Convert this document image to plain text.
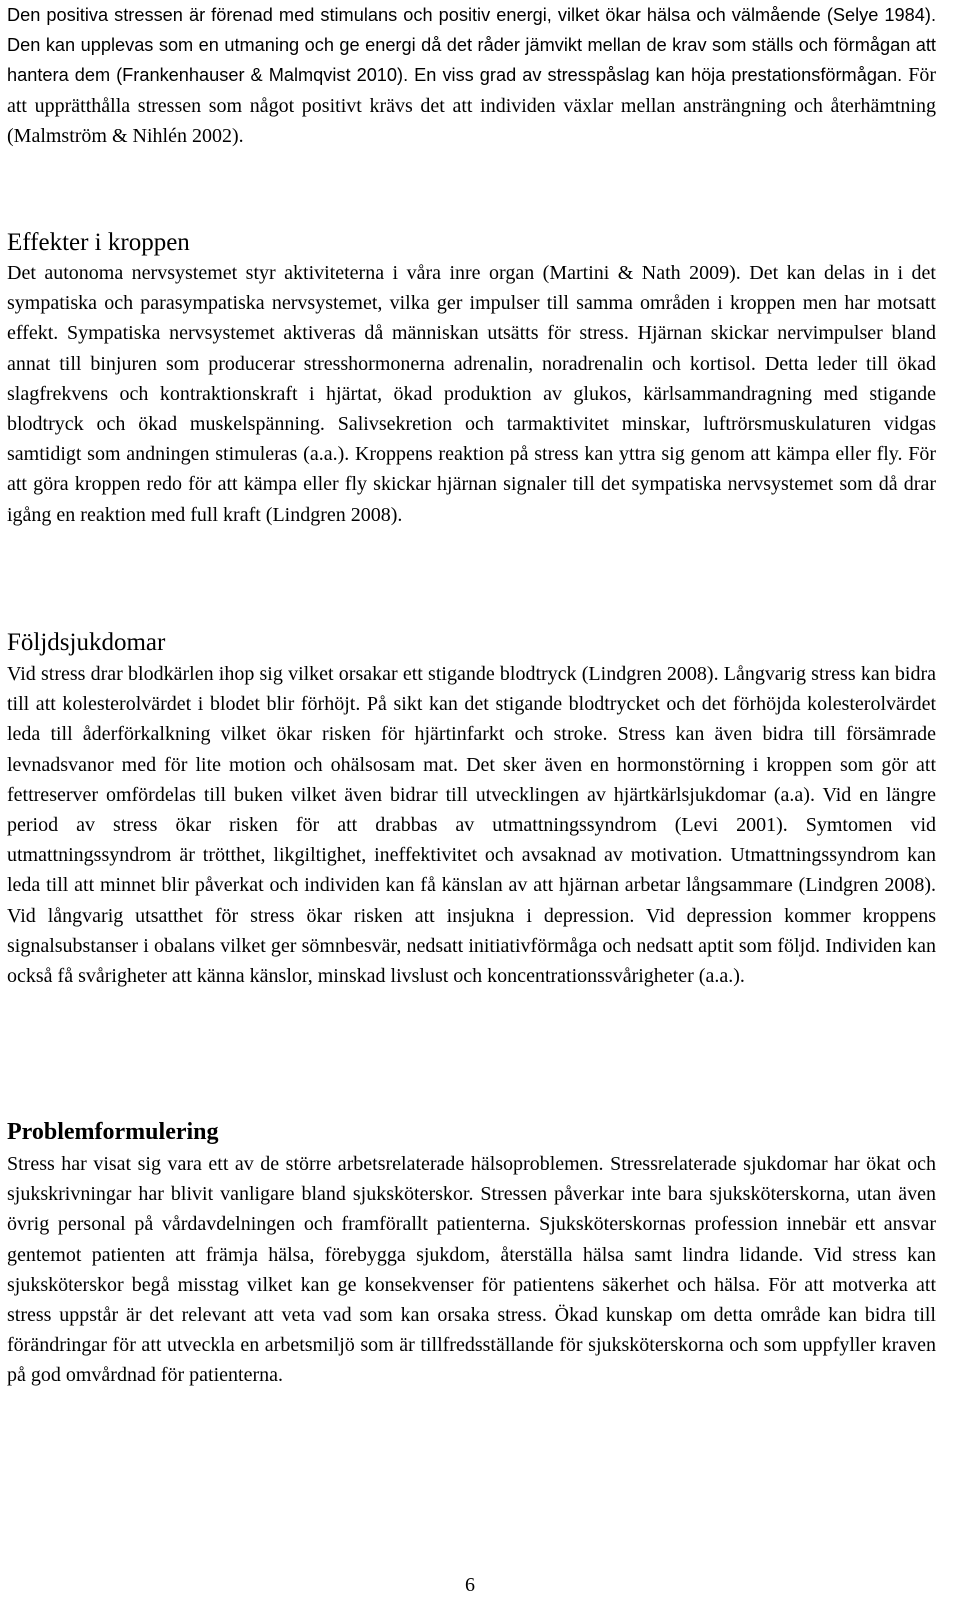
Den positiva stressen är förenad med stimulans och positiv energi, vilket ökar hälsa och välmående (Selye 1984). Den kan upplevas som en utmaning och ge energi då det råder jämvikt mellan de krav som ställs och förmågan att hantera dem (Frankenhauser & Malmqvist 2010). En viss grad av stresspåslag kan höja prestationsförmågan. För att upprätthålla stressen som något positivt krävs det att individen växlar mellan ansträngning och återhämtning (Malmström & Nihlén 2002).

Effekter i kroppen

Det autonoma nervsystemet styr aktiviteterna i våra inre organ (Martini & Nath 2009). Det kan delas in i det sympatiska och parasympatiska nervsystemet, vilka ger impulser till samma områden i kroppen men har motsatt effekt. Sympatiska nervsystemet aktiveras då människan utsätts för stress. Hjärnan skickar nervimpulser bland annat till binjuren som producerar stresshormonerna adrenalin, noradrenalin och kortisol. Detta leder till ökad slagfrekvens och kontraktionskraft i hjärtat, ökad produktion av glukos, kärlsammandragning med stigande blodtryck och ökad muskelspänning. Salivsekretion och tarmaktivitet minskar, luftrörsmuskulaturen vidgas samtidigt som andningen stimuleras (a.a.). Kroppens reaktion på stress kan yttra sig genom att kämpa eller fly. För att göra kroppen redo för att kämpa eller fly skickar hjärnan signaler till det sympatiska nervsystemet som då drar igång en reaktion med full kraft (Lindgren 2008).

Följdsjukdomar

Vid stress drar blodkärlen ihop sig vilket orsakar ett stigande blodtryck (Lindgren 2008). Långvarig stress kan bidra till att kolesterolvärdet i blodet blir förhöjt. På sikt kan det stigande blodtrycket och det förhöjda kolesterolvärdet leda till åderförkalkning vilket ökar risken för hjärtinfarkt och stroke. Stress kan även bidra till försämrade levnadsvanor med för lite motion och ohälsosam mat. Det sker även en hormonstörning i kroppen som gör att fettreserver omfördelas till buken vilket även bidrar till utvecklingen av hjärtkärlsjukdomar (a.a). Vid en längre period av stress ökar risken för att drabbas av utmattningssyndrom (Levi 2001). Symtomen vid utmattningssyndrom är trötthet, likgiltighet, ineffektivitet och avsaknad av motivation. Utmattningssyndrom kan leda till att minnet blir påverkat och individen kan få känslan av att hjärnan arbetar långsammare (Lindgren 2008). Vid långvarig utsatthet för stress ökar risken att insjukna i depression. Vid depression kommer kroppens signalsubstanser i obalans vilket ger sömnbesvär, nedsatt initiativförmåga och nedsatt aptit som följd. Individen kan också få svårigheter att känna känslor, minskad livslust och koncentrationssvårigheter (a.a.).

Problemformulering

Stress har visat sig vara ett av de större arbetsrelaterade hälsoproblemen. Stressrelaterade sjukdomar har ökat och sjukskrivningar har blivit vanligare bland sjuksköterskor. Stressen påverkar inte bara sjuksköterskorna, utan även övrig personal på vårdavdelningen och framförallt patienterna. Sjuksköterskornas profession innebär ett ansvar gentemot patienten att främja hälsa, förebygga sjukdom, återställa hälsa samt lindra lidande. Vid stress kan sjuksköterskor begå misstag vilket kan ge konsekvenser för patientens säkerhet och hälsa. För att motverka att stress uppstår är det relevant att veta vad som kan orsaka stress. Ökad kunskap om detta område kan bidra till förändringar för att utveckla en arbetsmiljö som är tillfredsställande för sjuksköterskorna och som uppfyller kraven på god omvårdnad för patienterna.

6
